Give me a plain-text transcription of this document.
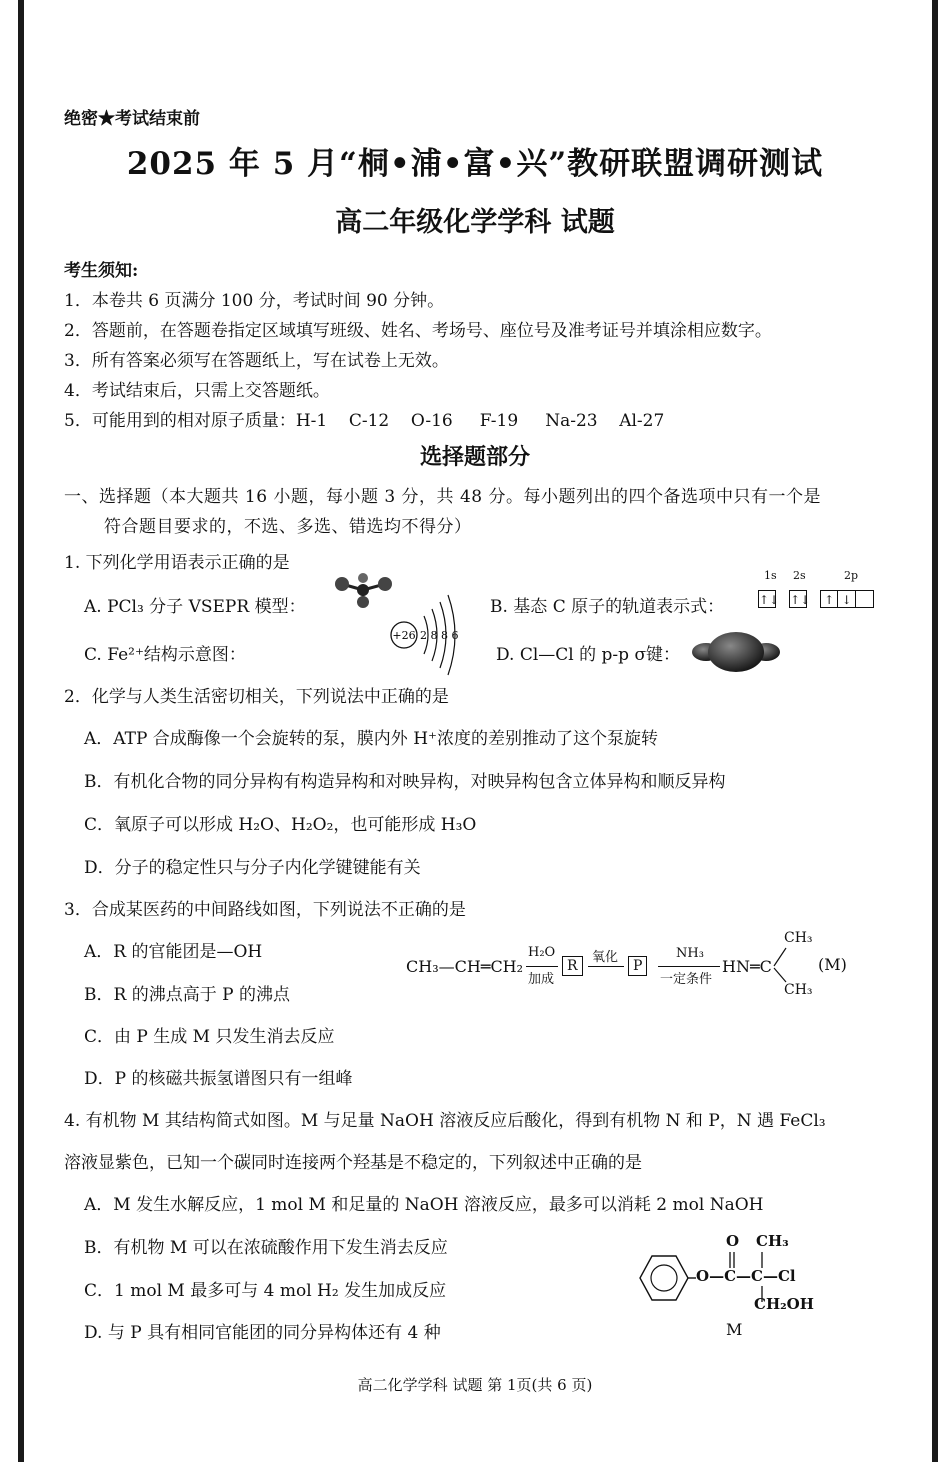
绝密★考试结束前
2025 年 5 月“桐•浦•富•兴”教研联盟调研测试
高二年级化学学科 试题
考生须知:
1．本卷共 6 页满分 100 分，考试时间 90 分钟。
2．答题前，在答题卷指定区域填写班级、姓名、考场号、座位号及准考证号并填涂相应数字。
3．所有答案必须写在答题纸上，写在试卷上无效。
4．考试结束后，只需上交答题纸。
5．可能用到的相对原子质量：H-1    C-12    O-16     F-19     Na-23    Al-27
选择题部分
一、选择题（本大题共 16 小题，每小题 3 分，共 48 分。每小题列出的四个备选项中只有一个是
符合题目要求的，不选、多选、错选均不得分）
1. 下列化学用语表示正确的是
A. PCl₃ 分子 VSEPR 模型：	B. 基态 C 原子的轨道表示式：
1s 2s	2p
↑↓ ↑↓ ↑ ↓
C. Fe²⁺结构示意图：
+26 2 8 8 6
D. Cl—Cl 的 p-p σ键：
2．化学与人类生活密切相关，下列说法中正确的是
A．ATP 合成酶像一个会旋转的泵，膜内外 H⁺浓度的差别推动了这个泵旋转
B．有机化合物的同分异构有构造异构和对映异构，对映异构包含立体异构和顺反异构
C．氧原子可以形成 H₂O、H₂O₂，也可能形成 H₃O
D．分子的稳定性只与分子内化学键键能有关
3．合成某医药的中间路线如图，下列说法不正确的是
A．R 的官能团是—OH
B．R 的沸点高于 P 的沸点
C．由 P 生成 M 只发生消去反应
D．P 的核磁共振氢谱图只有一组峰
CH₃—CH═CH₂
H₂O
加成
R
氧化
P
NH₃
一定条件
HN═C
CH₃
CH₃
(M)
4. 有机物 M 其结构简式如图。M 与足量 NaOH 溶液反应后酸化，得到有机物 N 和 P，N 遇 FeCl₃
溶液显紫色，已知一个碳同时连接两个羟基是不稳定的，下列叙述中正确的是
A．M 发生水解反应，1 mol M 和足量的 NaOH 溶液反应，最多可以消耗 2 mol NaOH
B．有机物 M 可以在浓硫酸作用下发生消去反应
C．1 mol M 最多可与 4 mol H₂ 发生加成反应
D. 与 P 具有相同官能团的同分异构体还有 4 种
O CH₃
O—C—C—Cl
CH₂OH
M
高二化学学科 试题 第 1页(共 6 页)
